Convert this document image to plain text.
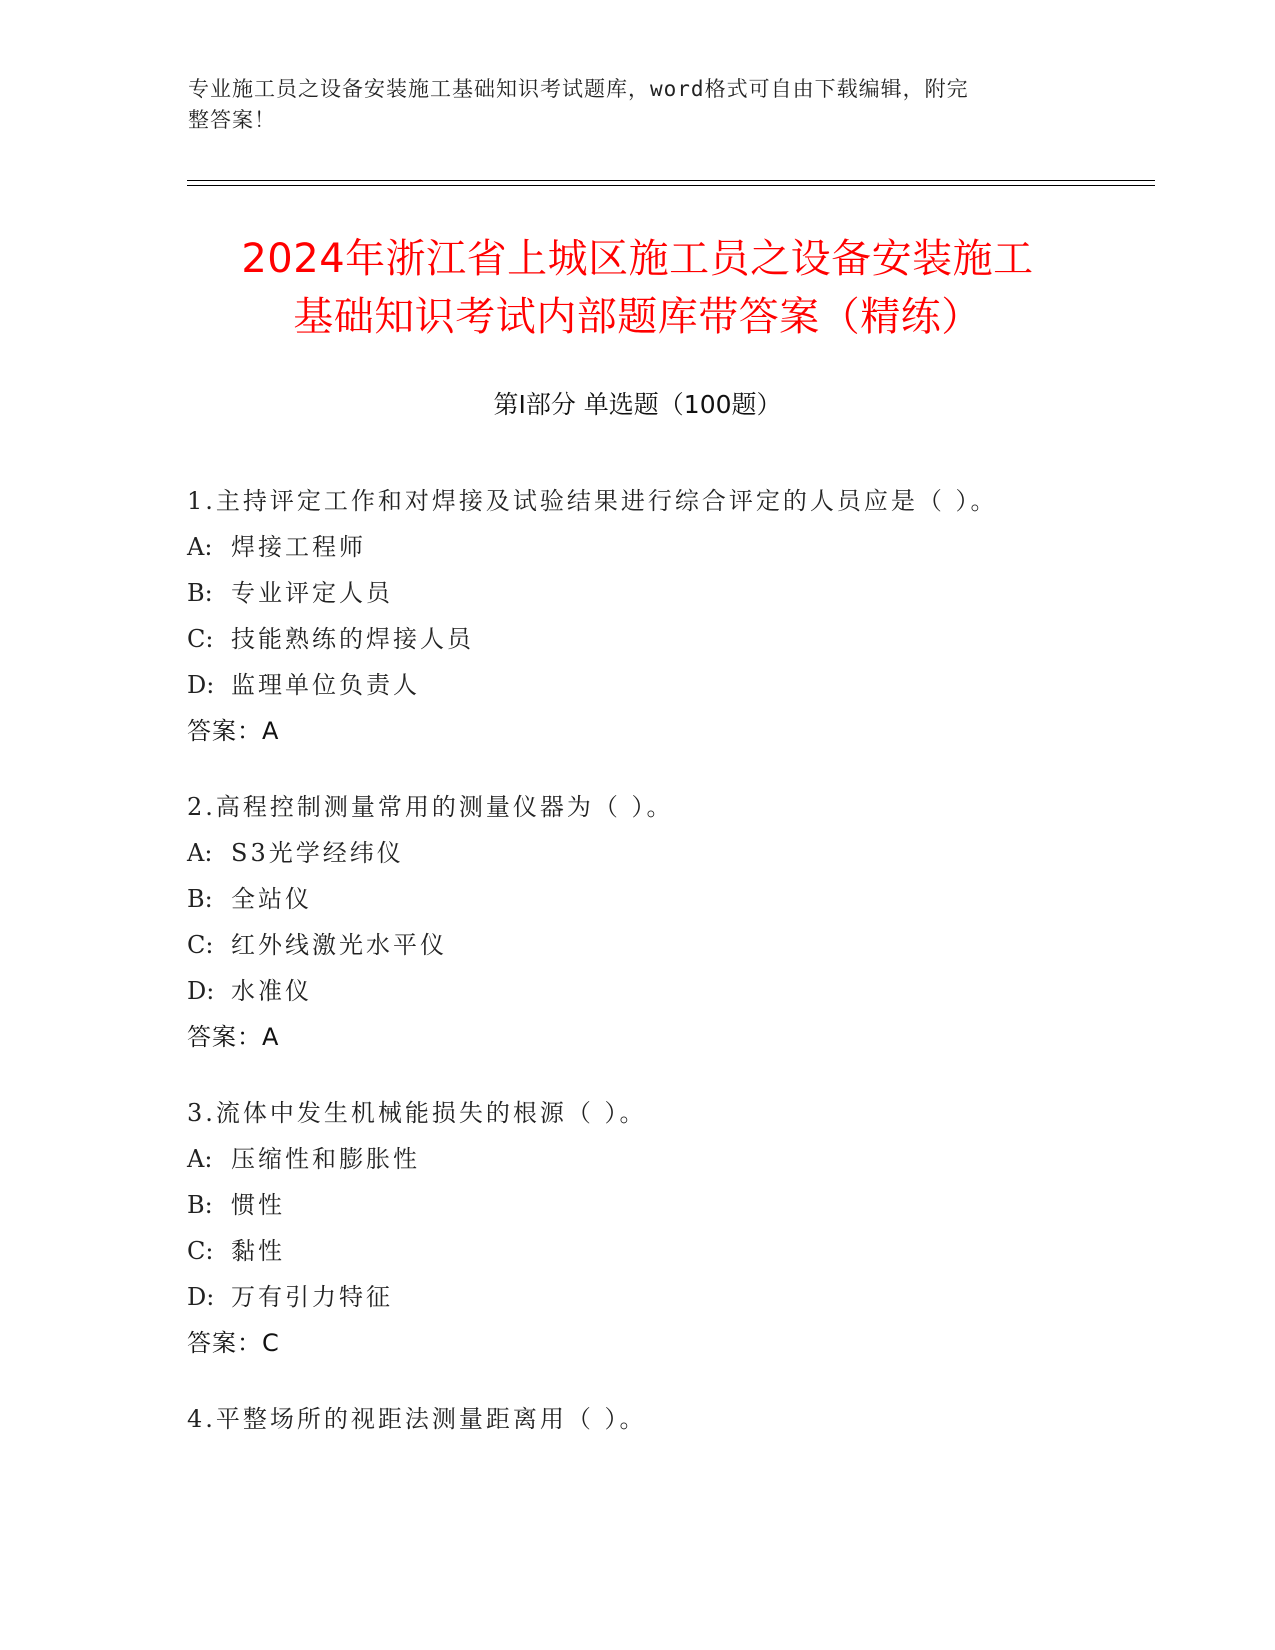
专业施工员之设备安装施工基础知识考试题库，word格式可自由下载编辑，附完
整答案！
2024年浙江省上城区施工员之设备安装施工
基础知识考试内部题库带答案（精练）
第Ⅰ部分 单选题（100题）
1.主持评定工作和对焊接及试验结果进行综合评定的人员应是（ ）。
A: 焊接工程师
B: 专业评定人员
C: 技能熟练的焊接人员
D: 监理单位负责人
答案：A
2.高程控制测量常用的测量仪器为（ ）。
A: S3光学经纬仪
B: 全站仪
C: 红外线激光水平仪
D: 水准仪
答案：A
3.流体中发生机械能损失的根源（ ）。
A: 压缩性和膨胀性
B: 惯性
C: 黏性
D: 万有引力特征
答案：C
4.平整场所的视距法测量距离用（ ）。
